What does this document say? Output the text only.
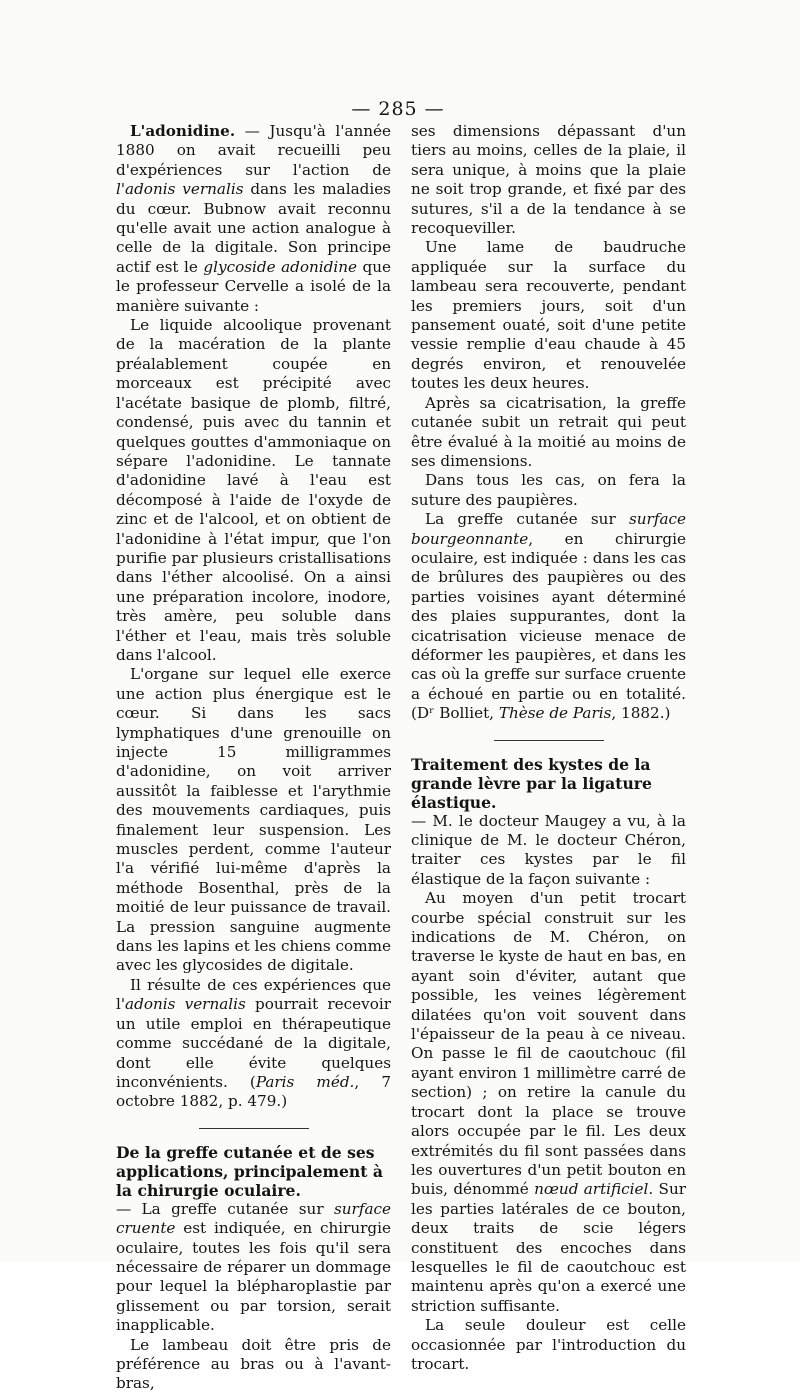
— 285 —

L'adonidine. — Jusqu'à l'année 1880 on avait recueilli peu d'expériences sur l'action de l'adonis vernalis dans les maladies du cœur. Bubnow avait reconnu qu'elle avait une action analogue à celle de la digitale. Son principe actif est le glycoside adonidine que le professeur Cervelle a isolé de la manière suivante :

Le liquide alcoolique provenant de la macération de la plante préalablement coupée en morceaux est précipité avec l'acétate basique de plomb, filtré, condensé, puis avec du tannin et quelques gouttes d'ammoniaque on sépare l'adonidine. Le tannate d'adonidine lavé à l'eau est décomposé à l'aide de l'oxyde de zinc et de l'alcool, et on obtient de l'adonidine à l'état impur, que l'on purifie par plusieurs cristallisations dans l'éther alcoolisé. On a ainsi une préparation incolore, inodore, très amère, peu soluble dans l'éther et l'eau, mais très soluble dans l'alcool.

L'organe sur lequel elle exerce une action plus énergique est le cœur. Si dans les sacs lymphatiques d'une grenouille on injecte 15 milligrammes d'adonidine, on voit arriver aussitôt la faiblesse et l'arythmie des mouvements cardiaques, puis finalement leur suspension. Les muscles perdent, comme l'auteur l'a vérifié lui-même d'après la méthode Bosenthal, près de la moitié de leur puissance de travail. La pression sanguine augmente dans les lapins et les chiens comme avec les glycosides de digitale.

Il résulte de ces expériences que l'adonis vernalis pourrait recevoir un utile emploi en thérapeutique comme succédané de la digitale, dont elle évite quelques inconvénients. (Paris méd., 7 octobre 1882, p. 479.)

De la greffe cutanée et de ses applications, principalement à la chirurgie oculaire.

— La greffe cutanée sur surface cruente est indiquée, en chirurgie oculaire, toutes les fois qu'il sera nécessaire de réparer un dommage pour lequel la blépharoplastie par glissement ou par torsion, serait inapplicable.

Le lambeau doit être pris de préférence au bras ou à l'avant-bras,

ses dimensions dépassant d'un tiers au moins, celles de la plaie, il sera unique, à moins que la plaie ne soit trop grande, et fixé par des sutures, s'il a de la tendance à se recoqueviller.

Une lame de baudruche appliquée sur la surface du lambeau sera recouverte, pendant les premiers jours, soit d'un pansement ouaté, soit d'une petite vessie remplie d'eau chaude à 45 degrés environ, et renouvelée toutes les deux heures.

Après sa cicatrisation, la greffe cutanée subit un retrait qui peut être évalué à la moitié au moins de ses dimensions.

Dans tous les cas, on fera la suture des paupières.

La greffe cutanée sur surface bourgeonnante, en chirurgie oculaire, est indiquée : dans les cas de brûlures des paupières ou des parties voisines ayant déterminé des plaies suppurantes, dont la cicatrisation vicieuse menace de déformer les paupières, et dans les cas où la greffe sur surface cruente a échoué en partie ou en totalité. (Dʳ Bolliet, Thèse de Paris, 1882.)

Traitement des kystes de la grande lèvre par la ligature élastique.

— M. le docteur Maugey a vu, à la clinique de M. le docteur Chéron, traiter ces kystes par le fil élastique de la façon suivante :

Au moyen d'un petit trocart courbe spécial construit sur les indications de M. Chéron, on traverse le kyste de haut en bas, en ayant soin d'éviter, autant que possible, les veines légèrement dilatées qu'on voit souvent dans l'épaisseur de la peau à ce niveau. On passe le fil de caoutchouc (fil ayant environ 1 millimètre carré de section) ; on retire la canule du trocart dont la place se trouve alors occupée par le fil. Les deux extrémités du fil sont passées dans les ouvertures d'un petit bouton en buis, dénommé nœud artificiel. Sur les parties latérales de ce bouton, deux traits de scie légers constituent des encoches dans lesquelles le fil de caoutchouc est maintenu après qu'on a exercé une striction suffisante.

La seule douleur est celle occasionnée par l'introduction du trocart.
